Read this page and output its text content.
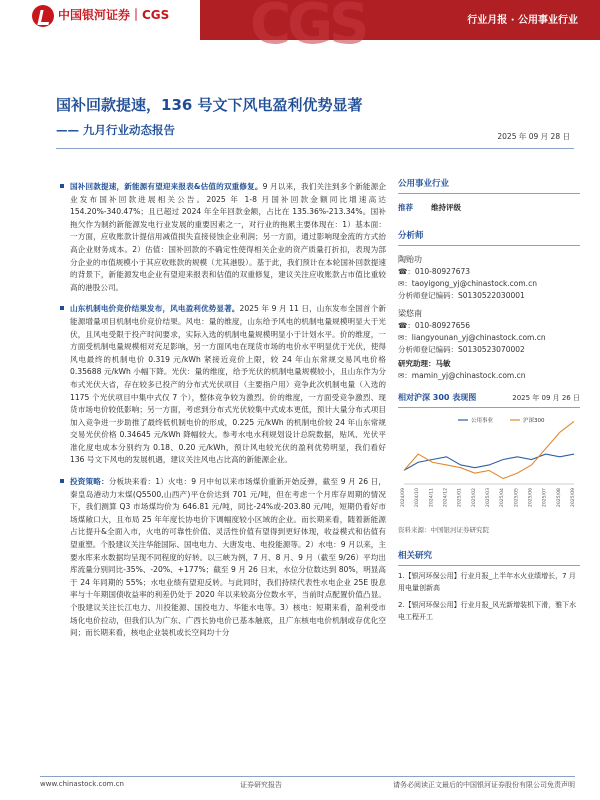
中国银河证券｜CGS CGS	行业月报 · 公用事业行业
国补回款提速，136 号文下风电盈利优势显著
—— 九月行业动态报告	2025 年 09 月 28 日
国补回款提速，新能源有望迎来报表&估值的双重修复。9 月以来，我们关注到多个新能源企业发布国补回款进展相关公告。2025 年 1-8 月国补回款金额同比增速高达 154.20%-340.47%；且已超过 2024 年全年回款金额，占比在 135.36%-213.34%。国补拖欠作为制约新能源发电行业发展的重要因素之一，对行业的拖累主要体现在：1）基本面：一方面，应收账款计提信用减值损失直接侵蚀企业利润；另一方面，通过影响现金流的方式抬高企业财务成本。2）估值：国补回款的不确定性使得相关企业的资产质量打折扣，表现为部分企业的市值规模小于其应收账款的规模（尤其港股）。基于此，我们预计在本轮国补回款提速的背景下，新能源发电企业有望迎来报表和估值的双重修复，建议关注应收账款占市值比重较高的港股公司。
山东机制电价竞价结果发布，风电盈利优势显著。2025 年 9 月 11 日，山东发布全国首个新能源增量项目机制电价竞价结果。风电：量的维度，山东给予风电的机制电量规模明显大于光伏，且风电受限于投产时间要求，实际入选的机制电量规模明显小于计划水平。价的维度，一方面受机制电量规模相对充足影响，另一方面风电在现货市场的电价水平明显优于光伏，使得风电最终的机制电价 0.319 元/kWh 紧接近竞价上限，较 24 年山东常规交易风电价格 0.35688 元/kWh 小幅下降。光伏：量的维度，给予光伏的机制电量规模较小，且山东作为分布式光伏大省，存在较多已投产的分布式光伏项目（主要指户用）竞争此次机制电量（入选的 1175 个光伏项目中集中式仅 7 个），整体竞争较为激烈。价的维度，一方面受竞争激烈、现货市场电价较低影响；另一方面，考虑到分布式光伏较集中式成本更低，预计大量分布式项目加入竞争进一步助推了最终低机制电价的形成，0.225 元/kWh 的机制电价较 24 年山东常规交易光伏价格 0.34645 元/kWh 降幅较大。参考水电水利规划设计总院数据，贴风、光伏平准化度电成本分别约为 0.18、0.20 元/kWh，预计风电较光伏的盈利优势明显，我们看好 136 号文下风电的发展机遇，建议关注风电占比高的新能源企业。
投资策略：分板块来看：1）火电：9 月中旬以来市场煤价重新开始反弹，截至 9 月 26 日，秦皇岛港动力末煤(Q5500,山西产)平仓价达到 701 元/吨，但在考虑一个月库存周期的情况下，我们测算 Q3 市场煤均价为 646.81 元/吨，同比-24%或-203.80 元/吨，短期仍看好市场煤敞口大，且布局 25 年年度长协电价下调幅度较小区域的企业。而长期来看，随着新能源占比提升&全面入市，火电的可靠性价值、灵活性价值有望得到更好体现，收益模式和估值有望重塑。个股建议关注华能国际、国电电力、大唐发电、电投能源等。2）水电：9 月以来，主要水库来水数据均呈现不同程度的好转。以三峡为例，7 月、8 月、9 月（截至 9/26）平均出库流量分别同比-35%、-20%、+177%；截至 9 月 26 日末，水位分位数达到 80%，明显高于 24 年同期的 55%；水电业绩有望迎反转。与此同时，我们持续代表性水电企业 25E 股息率与十年期国债收益率的利差仍处于 2020 年以来较高分位数水平，当前时点配置价值凸显。个股建议关注长江电力、川投能源、国投电力、华能水电等。3）核电：短期来看，盈利受市场化电价拉动，但我们认为广东、广西长协电价已基本触底，且广东核电电价机制或存优化空间；而长期来看，核电企业装机或长空间均十分
公用事业行业
推荐 维持评级
分析师
陶贻功
☎：010-80927673
✉：taoyigong_yj@chinastock.com.cn
分析师登记编码：S0130522030001
梁悠南
☎：010-80927656
✉：liangyounan_yj@chinastock.com.cn
分析师登记编码：S0130523070002
研究助理：马敏
✉：mamin_yj@chinastock.com.cn
相对沪深 300 表现图	2025 年 09 月 26 日
2024/09 2024/10 2024/11 2024/12 2025/01 2025/02 2025/03 2025/04 2025/05 2025/06 2025/07 2025/08 2025/09
公用事业	沪深300
资料来源：中国银河证券研究院
相关研究
1.【银河环保公用】行业月报_上半年水火业绩增长，7 月用电量创新高
2.【银河环保公用】行业月报_风光新增装机下滑，雅下水电工程开工
www.chinastock.com.cn	证券研究报告	请务必阅读正文最后的中国银河证券股份有限公司免责声明
